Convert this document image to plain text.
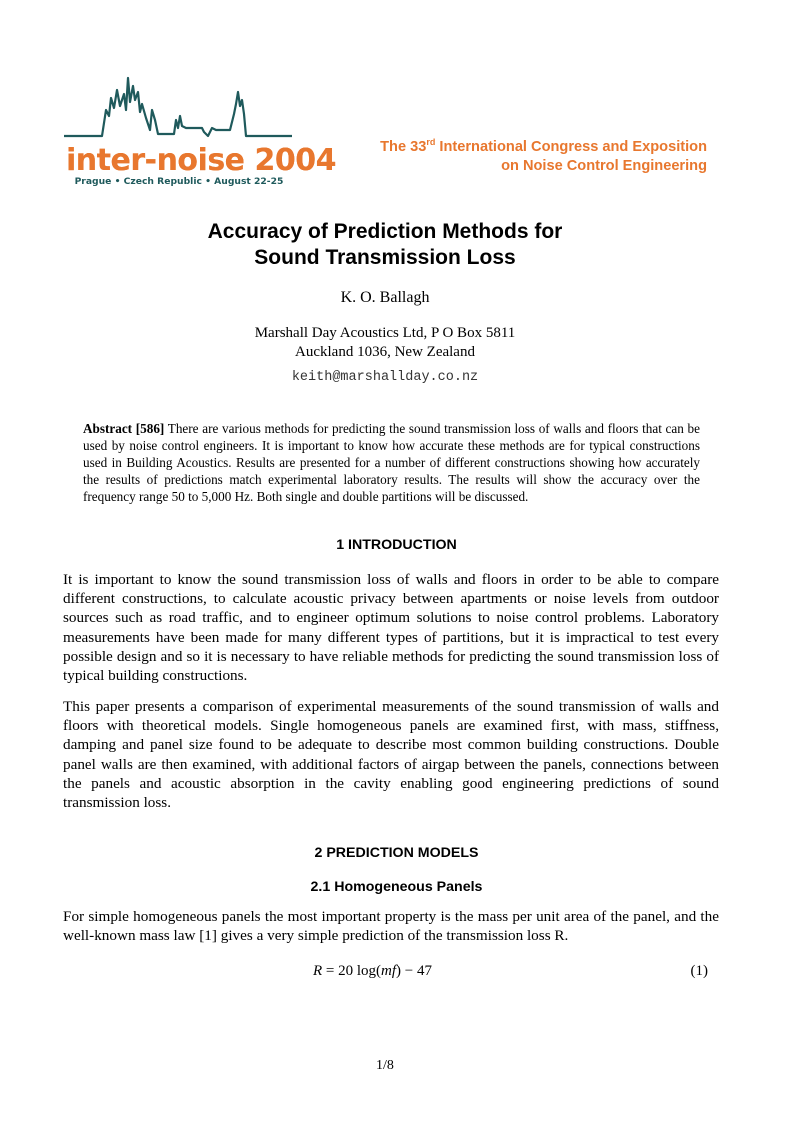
inter-noise 2004
Prague • Czech Republic • August 22-25
The 33rd International Congress and Exposition
on Noise Control Engineering
Accuracy of Prediction Methods for
Sound Transmission Loss
K. O. Ballagh
Marshall Day Acoustics Ltd, P O Box 5811
Auckland 1036, New Zealand
keith@marshallday.co.nz
Abstract [586] There are various methods for predicting the sound transmission loss of walls and floors that can be used by noise control engineers. It is important to know how accurate these methods are for typical constructions used in Building Acoustics. Results are presented for a number of different constructions showing how accurately the results of predictions match experimental laboratory results. The results will show the accuracy over the frequency range 50 to 5,000 Hz. Both single and double partitions will be discussed.
1 INTRODUCTION
It is important to know the sound transmission loss of walls and floors in order to be able to compare different constructions, to calculate acoustic privacy between apartments or noise levels from outdoor sources such as road traffic, and to engineer optimum solutions to noise control problems. Laboratory measurements have been made for many different types of partitions, but it is impractical to test every possible design and so it is necessary to have reliable methods for predicting the sound transmission loss of typical building constructions.
This paper presents a comparison of experimental measurements of the sound transmission of walls and floors with theoretical models. Single homogeneous panels are examined first, with mass, stiffness, damping and panel size found to be adequate to describe most common building constructions. Double panel walls are then examined, with additional factors of airgap between the panels, connections between the panels and acoustic absorption in the cavity enabling good engineering predictions of sound transmission loss.
2 PREDICTION MODELS
2.1 Homogeneous Panels
For simple homogeneous panels the most important property is the mass per unit area of the panel, and the well-known mass law [1] gives a very simple prediction of the transmission loss R.
R = 20 log(mf) − 47	(1)
1/8
